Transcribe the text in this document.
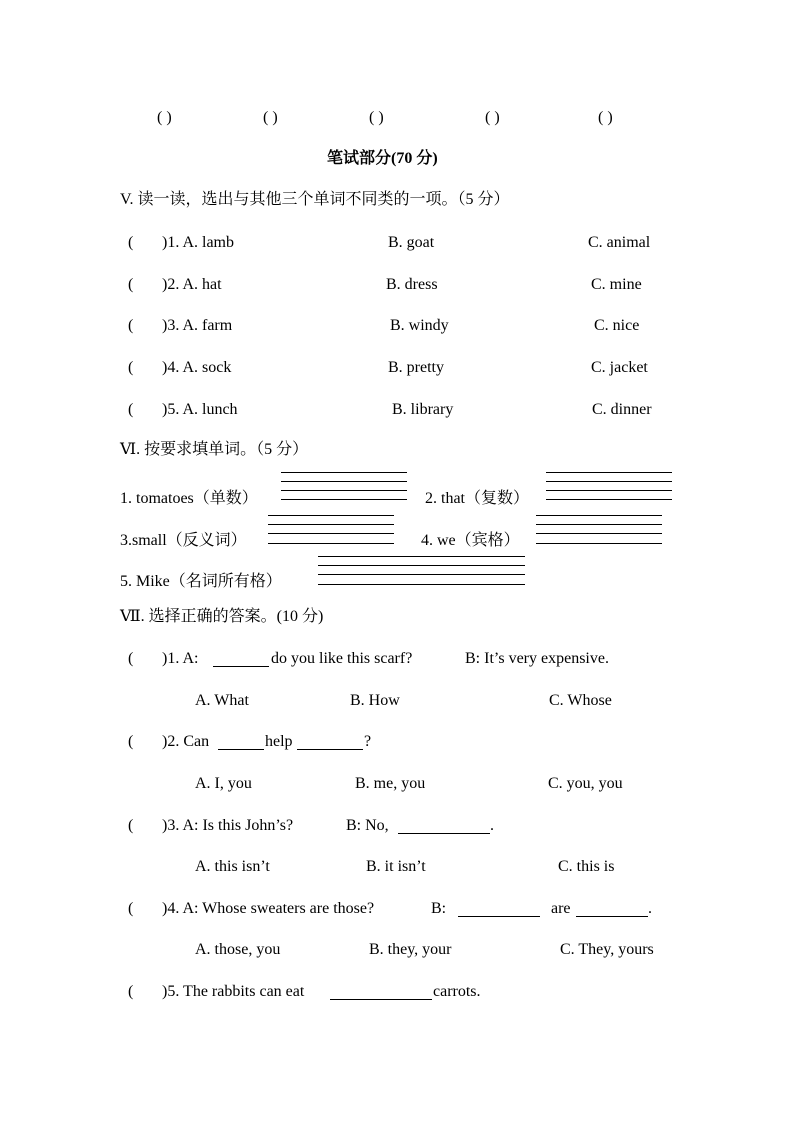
( )	( )	( )	( )	( )
笔试部分(70 分)
V. 读一读，选出与其他三个单词不同类的一项。（5 分）
( )1. A. lamb	B. goat	C. animal
( )2. A. hat	B. dress	C. mine
( )3. A. farm	B. windy	C. nice
( )4. A. sock	B. pretty	C. jacket
( )5. A. lunch	B. library	C. dinner
Ⅵ. 按要求填单词。（5 分）
1. tomatoes（单数）	2. that（复数）
3.small（反义词）	4. we（宾格）
5. Mike（名词所有格）
Ⅶ. 选择正确的答案。(10 分)
( )1. A:	do you like this scarf?	B: It’s very expensive.
A. What	B. How	C. Whose
( )2. Can	help	?
A. I, you	B. me, you	C. you, you
( )3. A: Is this John’s?	B: No,	.
A. this isn’t	B. it isn’t	C. this is
( )4. A: Whose sweaters are those?	B:	are	.
A. those, you	B. they, your	C. They, yours
( )5. The rabbits can eat	carrots.
